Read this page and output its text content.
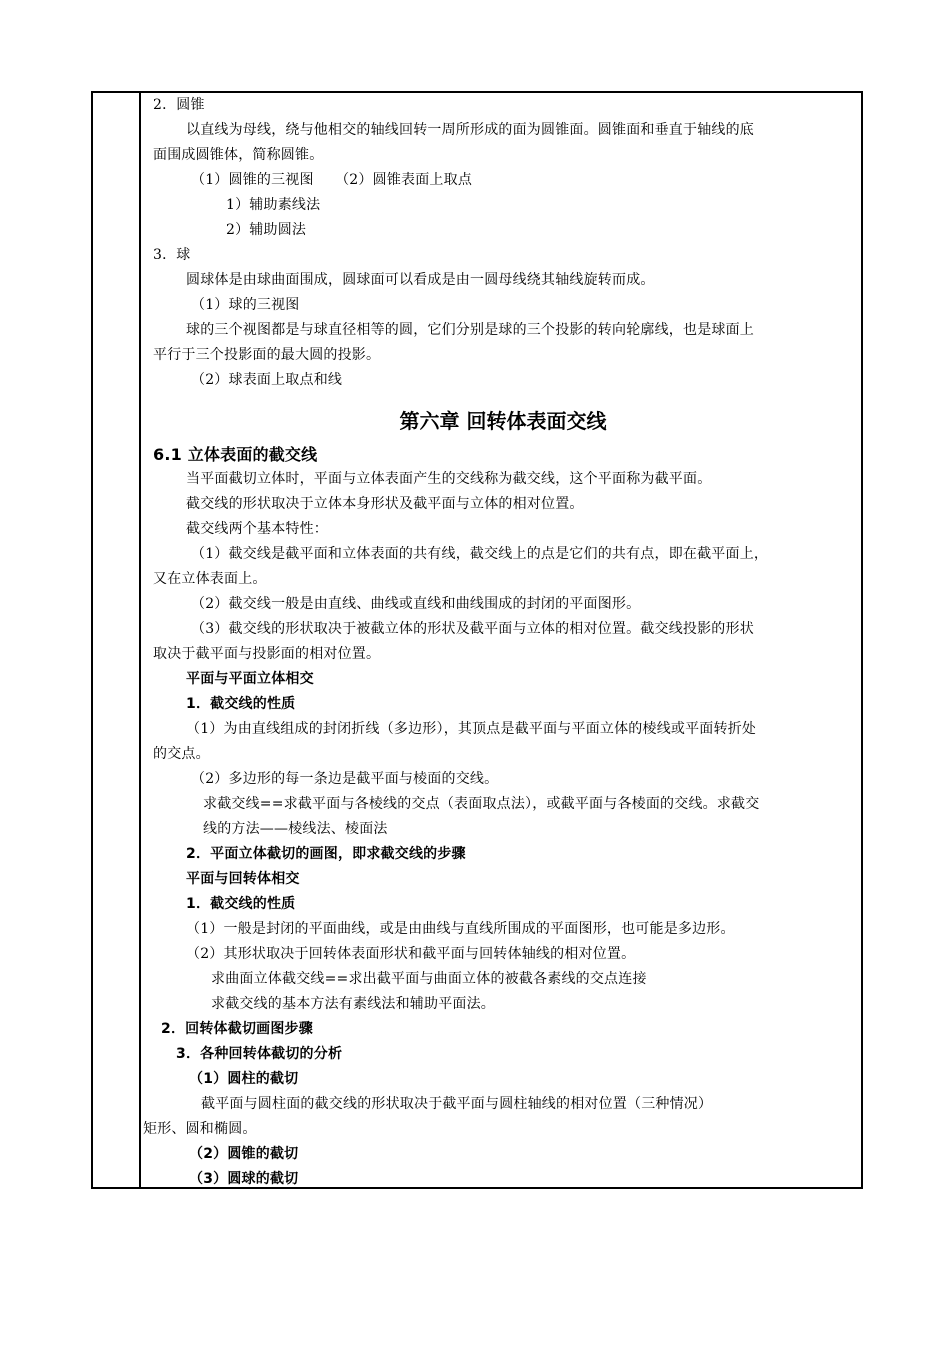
2．圆锥
以直线为母线，绕与他相交的轴线回转一周所形成的面为圆锥面。圆锥面和垂直于轴线的底
面围成圆锥体，简称圆锥。
（1）圆锥的三视图　　（2）圆锥表面上取点
1）辅助素线法
2）辅助圆法
3．球
圆球体是由球曲面围成，圆球面可以看成是由一圆母线绕其轴线旋转而成。
（1）球的三视图
球的三个视图都是与球直径相等的圆，它们分别是球的三个投影的转向轮廓线，也是球面上
平行于三个投影面的最大圆的投影。
（2）球表面上取点和线
第六章 回转体表面交线
6.1 立体表面的截交线
当平面截切立体时，平面与立体表面产生的交线称为截交线，这个平面称为截平面。
截交线的形状取决于立体本身形状及截平面与立体的相对位置。
截交线两个基本特性：
（1）截交线是截平面和立体表面的共有线，截交线上的点是它们的共有点，即在截平面上，
又在立体表面上。
（2）截交线一般是由直线、曲线或直线和曲线围成的封闭的平面图形。
（3）截交线的形状取决于被截立体的形状及截平面与立体的相对位置。截交线投影的形状
取决于截平面与投影面的相对位置。
平面与平面立体相交
1．截交线的性质
（1）为由直线组成的封闭折线（多边形），其顶点是截平面与平面立体的棱线或平面转折处
的交点。
（2）多边形的每一条边是截平面与棱面的交线。
求截交线==求截平面与各棱线的交点（表面取点法），或截平面与各棱面的交线。求截交
线的方法——棱线法、棱面法
2．平面立体截切的画图，即求截交线的步骤
平面与回转体相交
1．截交线的性质
（1）一般是封闭的平面曲线，或是由曲线与直线所围成的平面图形，也可能是多边形。
（2）其形状取决于回转体表面形状和截平面与回转体轴线的相对位置。
求曲面立体截交线==求出截平面与曲面立体的被截各素线的交点连接
求截交线的基本方法有素线法和辅助平面法。
2．回转体截切画图步骤
3．各种回转体截切的分析
（1）圆柱的截切
截平面与圆柱面的截交线的形状取决于截平面与圆柱轴线的相对位置（三种情况）
矩形、圆和椭圆。
（2）圆锥的截切
（3）圆球的截切
